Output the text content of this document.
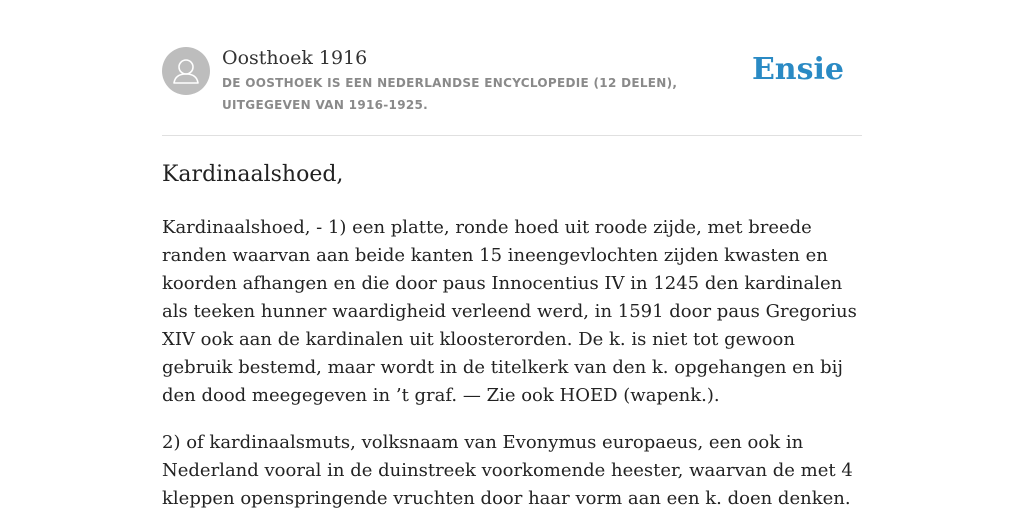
Oosthoek 1916
DE OOSTHOEK IS EEN NEDERLANDSE ENCYCLOPEDIE (12 DELEN), UITGEGEVEN VAN 1916-1925.
Ensie
Kardinaalshoed,

Kardinaalshoed, - 1) een platte, ronde hoed uit roode zijde, met breede randen waarvan aan beide kanten 15 ineengevlochten zijden kwasten en koorden afhangen en die door paus Innocentius IV in 1245 den kardinalen als teeken hunner waardigheid verleend werd, in 1591 door paus Gregorius XIV ook aan de kardinalen uit kloosterorden. De k. is niet tot gewoon gebruik bestemd, maar wordt in de titelkerk van den k. opgehangen en bij den dood meegegeven in ’t graf. — Zie ook HOED (wapenk.).

2) of kardinaalsmuts, volksnaam van Evonymus europaeus, een ook in Nederland vooral in de duinstreek voorkomende heester, waarvan de met 4 kleppen openspringende vruchten door haar vorm aan een k. doen denken.
